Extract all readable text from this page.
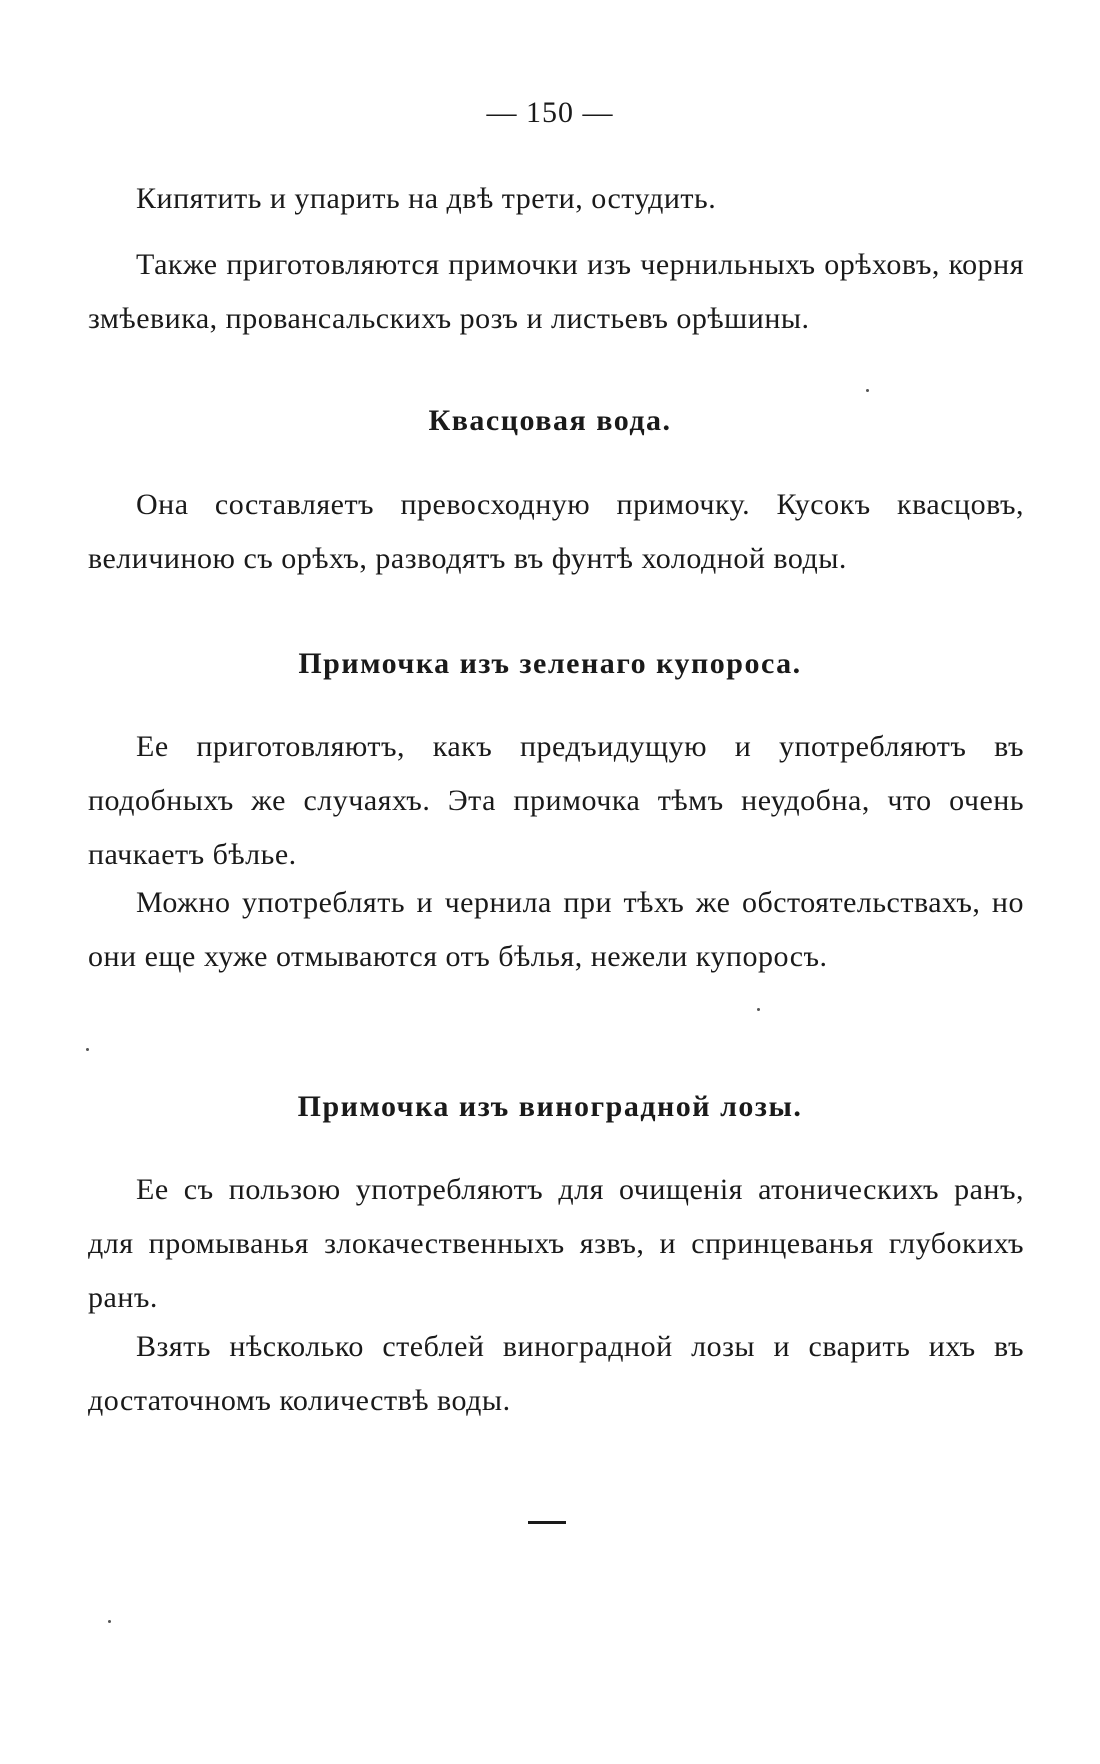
— 150 —
Кипятить и упарить на двѣ трети, остудить.
Также приготовляются примочки изъ чернильныхъ орѣховъ, корня змѣевика, провансальскихъ розъ и листьевъ орѣшины.
Квасцовая вода.
Она составляетъ превосходную примочку. Кусокъ квасцовъ, величиною съ орѣхъ, разводятъ въ фунтѣ холодной воды.
Примочка изъ зеленаго купороса.
Ее приготовляютъ, какъ предъидущую и употребляютъ въ подобныхъ же случаяхъ. Эта примочка тѣмъ неудобна, что очень пачкаетъ бѣлье.
Можно употреблять и чернила при тѣхъ же обстоятельствахъ, но они еще хуже отмываются отъ бѣлья, нежели купоросъ.
Примочка изъ виноградной лозы.
Ее съ пользою употребляютъ для очищенія атоническихъ ранъ, для промыванья злокачественныхъ язвъ, и спринцеванья глубокихъ ранъ.
Взять нѣсколько стеблей виноградной лозы и сварить ихъ въ достаточномъ количествѣ воды.
